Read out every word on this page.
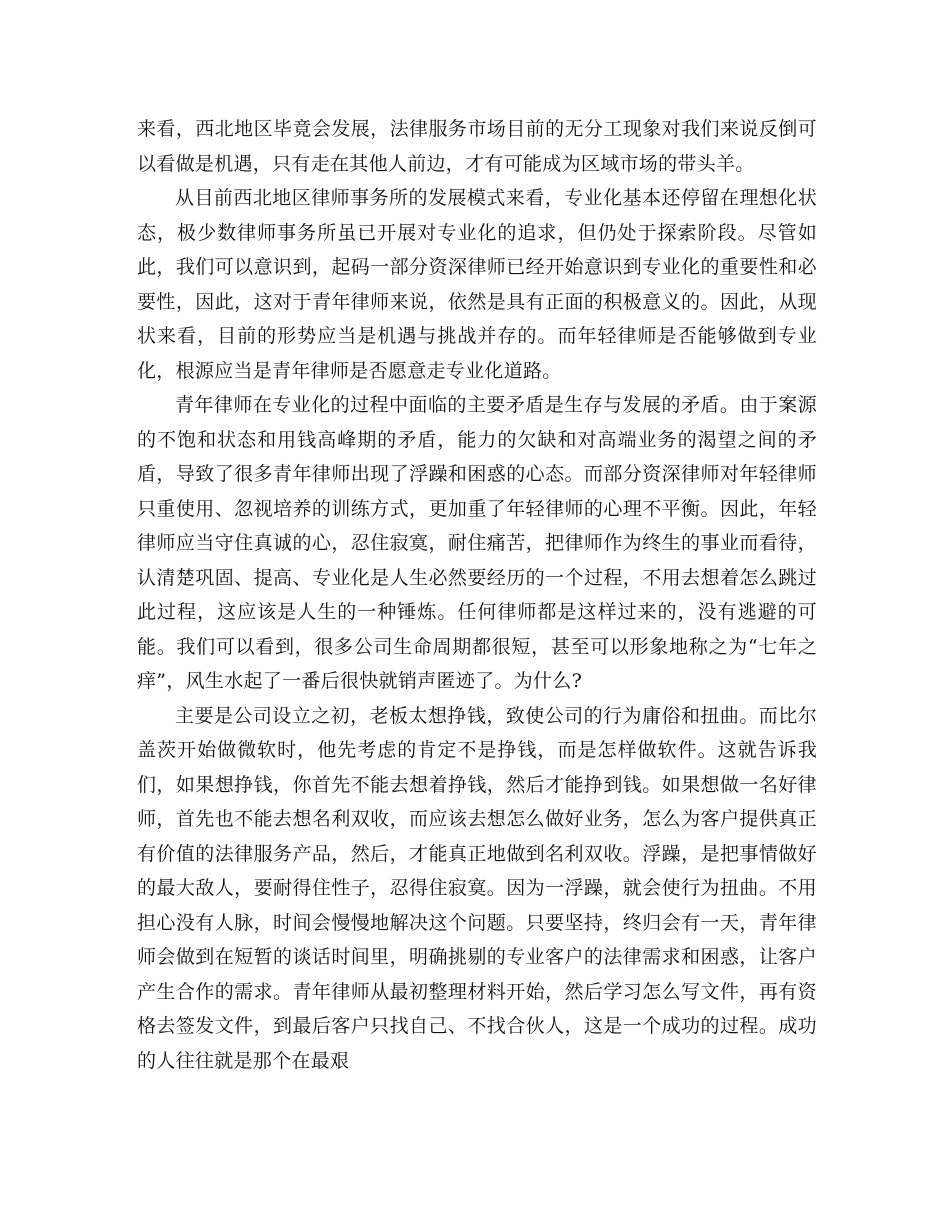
来看，西北地区毕竟会发展，法律服务市场目前的无分工现象对我们来说反倒可以看做是机遇，只有走在其他人前边，才有可能成为区域市场的带头羊。

从目前西北地区律师事务所的发展模式来看，专业化基本还停留在理想化状态，极少数律师事务所虽已开展对专业化的追求，但仍处于探索阶段。尽管如此，我们可以意识到，起码一部分资深律师已经开始意识到专业化的重要性和必要性，因此，这对于青年律师来说，依然是具有正面的积极意义的。因此，从现状来看，目前的形势应当是机遇与挑战并存的。而年轻律师是否能够做到专业化，根源应当是青年律师是否愿意走专业化道路。

青年律师在专业化的过程中面临的主要矛盾是生存与发展的矛盾。由于案源的不饱和状态和用钱高峰期的矛盾，能力的欠缺和对高端业务的渴望之间的矛盾，导致了很多青年律师出现了浮躁和困惑的心态。而部分资深律师对年轻律师只重使用、忽视培养的训练方式，更加重了年轻律师的心理不平衡。因此，年轻律师应当守住真诚的心，忍住寂寞，耐住痛苦，把律师作为终生的事业而看待，认清楚巩固、提高、专业化是人生必然要经历的一个过程，不用去想着怎么跳过此过程，这应该是人生的一种锤炼。任何律师都是这样过来的，没有逃避的可能。我们可以看到，很多公司生命周期都很短，甚至可以形象地称之为“七年之痒”，风生水起了一番后很快就销声匿迹了。为什么?

主要是公司设立之初，老板太想挣钱，致使公司的行为庸俗和扭曲。而比尔盖茨开始做微软时，他先考虑的肯定不是挣钱，而是怎样做软件。这就告诉我们，如果想挣钱，你首先不能去想着挣钱，然后才能挣到钱。如果想做一名好律师，首先也不能去想名利双收，而应该去想怎么做好业务，怎么为客户提供真正有价值的法律服务产品，然后，才能真正地做到名利双收。浮躁，是把事情做好的最大敌人，要耐得住性子，忍得住寂寞。因为一浮躁，就会使行为扭曲。不用担心没有人脉，时间会慢慢地解决这个问题。只要坚持，终归会有一天，青年律师会做到在短暂的谈话时间里，明确挑剔的专业客户的法律需求和困惑，让客户产生合作的需求。青年律师从最初整理材料开始，然后学习怎么写文件，再有资格去签发文件，到最后客户只找自己、不找合伙人，这是一个成功的过程。成功的人往往就是那个在最艰
